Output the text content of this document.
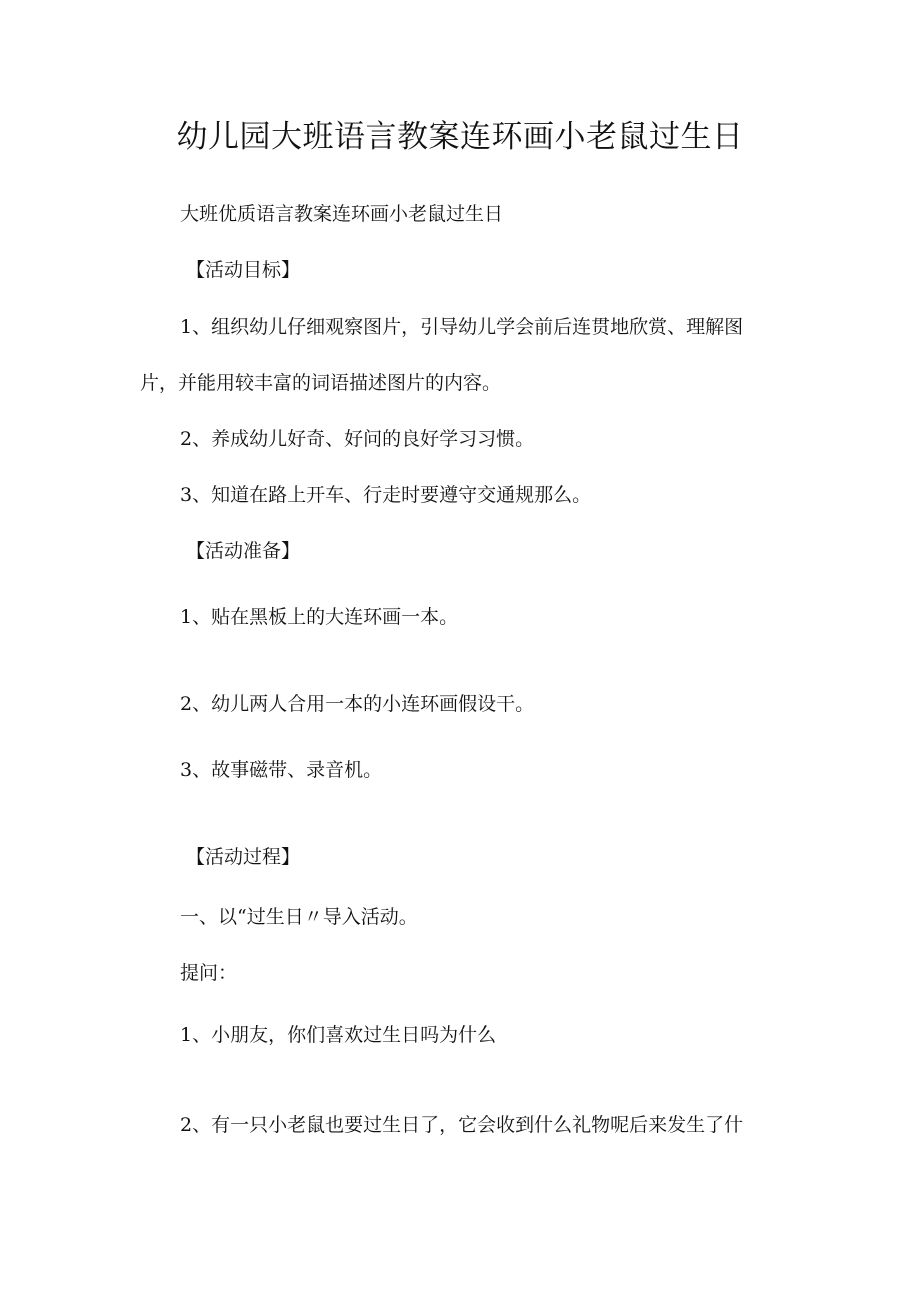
幼儿园大班语言教案连环画小老鼠过生日
大班优质语言教案连环画小老鼠过生日
【活动目标】
1、组织幼儿仔细观察图片，引导幼儿学会前后连贯地欣赏、理解图
片，并能用较丰富的词语描述图片的内容。
2、养成幼儿好奇、好问的良好学习习惯。
3、知道在路上开车、行走时要遵守交通规那么。
【活动准备】
1、贴在黑板上的大连环画一本。
2、幼儿两人合用一本的小连环画假设干。
3、故事磁带、录音机。
【活动过程】
一、以“过生日〃导入活动。
提问：
1、小朋友，你们喜欢过生日吗为什么
2、有一只小老鼠也要过生日了，它会收到什么礼物呢后来发生了什
